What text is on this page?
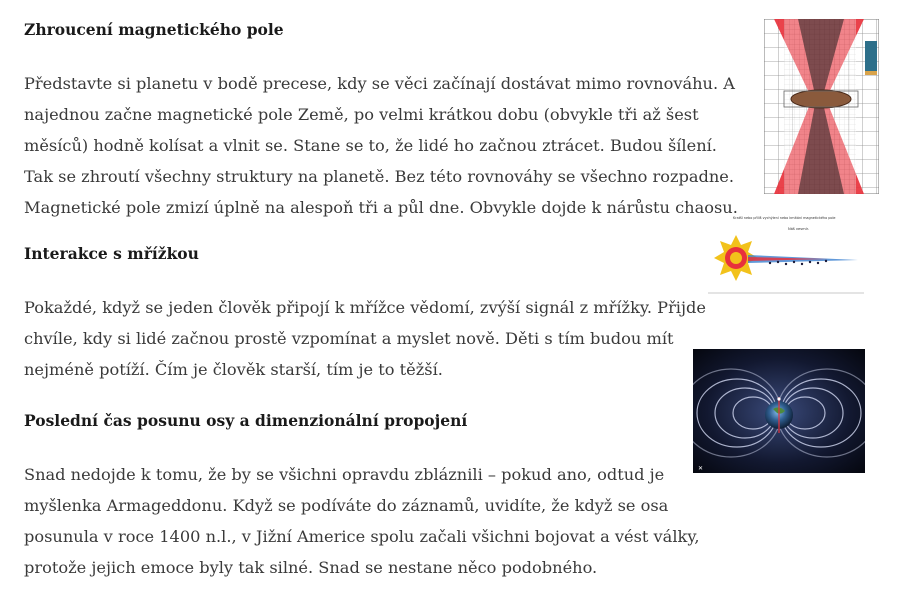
Zhroucení magnetického pole
Představte si planetu v bodě precese, kdy se věci začínají dostávat mimo rovnováhu. A
najednou začne magnetické pole Země, po velmi krátkou dobu (obvykle tři až šest
měsíců) hodně kolísat a vlnit se. Stane se to, že lidé ho začnou ztrácet. Budou šílení.
Tak se zhroutí všechny struktury na planetě. Bez této rovnováhy se všechno rozpadne.
Magnetické pole zmizí úplně na alespoň tři a půl dne. Obvykle dojde k nárůstu chaosu.
Interakce s mřížkou
Pokaždé, když se jeden člověk připojí k mřížce vědomí, zvýší signál z mřížky. Přijde
chvíle, kdy si lidé začnou prostě vzpomínat a myslet nově. Děti s tím budou mít
nejméně potíží. Čím je člověk starší, tím je to těžší.
Poslední čas posunu osy a dimenzionální propojení
Snad nedojde k tomu, že by se všichni opravdu zbláznili – pokud ano, odtud je
myšlenka Armageddonu. Když se podíváte do záznamů, uvidíte, že když se osa
posunula v roce 1400 n.l., v Jižní Americe spolu začali všichni bojovat a vést války,
protože jejich emoce byly tak silné. Snad se nestane něco podobného.
Kratší nebo příliš vychýlení nebo kmitání magnetického pole
Náš vesmír.
✕
